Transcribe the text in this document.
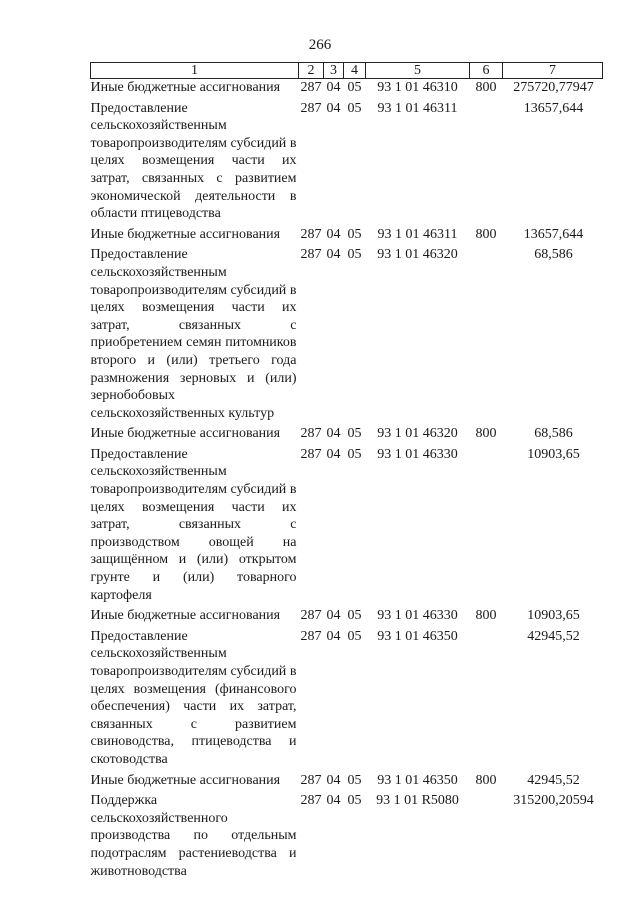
266
1	2	3	4	5	6	7
Иные бюджетные ассигнования	287	04	05	93 1 01 46310	800	275720,77947
Предоставление сельскохозяйственным товаропроизводителям субсидий в целях возмещения части их затрат, связанных с развитием экономической деятельности в области птицеводства	287	04	05	93 1 01 46311		13657,644
Иные бюджетные ассигнования	287	04	05	93 1 01 46311	800	13657,644
Предоставление сельскохозяйственным товаропроизводителям субсидий в целях возмещения части их затрат, связанных с приобретением семян питомников второго и (или) третьего года размножения зерновых и (или) зернобобовых сельскохозяйственных культур	287	04	05	93 1 01 46320		68,586
Иные бюджетные ассигнования	287	04	05	93 1 01 46320	800	68,586
Предоставление сельскохозяйственным товаропроизводителям субсидий в целях возмещения части их затрат, связанных с производством овощей на защищённом и (или) открытом грунте и (или) товарного картофеля	287	04	05	93 1 01 46330		10903,65
Иные бюджетные ассигнования	287	04	05	93 1 01 46330	800	10903,65
Предоставление сельскохозяйственным товаропроизводителям субсидий в целях возмещения (финансового обеспечения) части их затрат, связанных с развитием свиноводства, птицеводства и скотоводства	287	04	05	93 1 01 46350		42945,52
Иные бюджетные ассигнования	287	04	05	93 1 01 46350	800	42945,52
Поддержка сельскохозяйственного производства по отдельным подотраслям растениеводства и животноводства	287	04	05	93 1 01 R5080		315200,20594
